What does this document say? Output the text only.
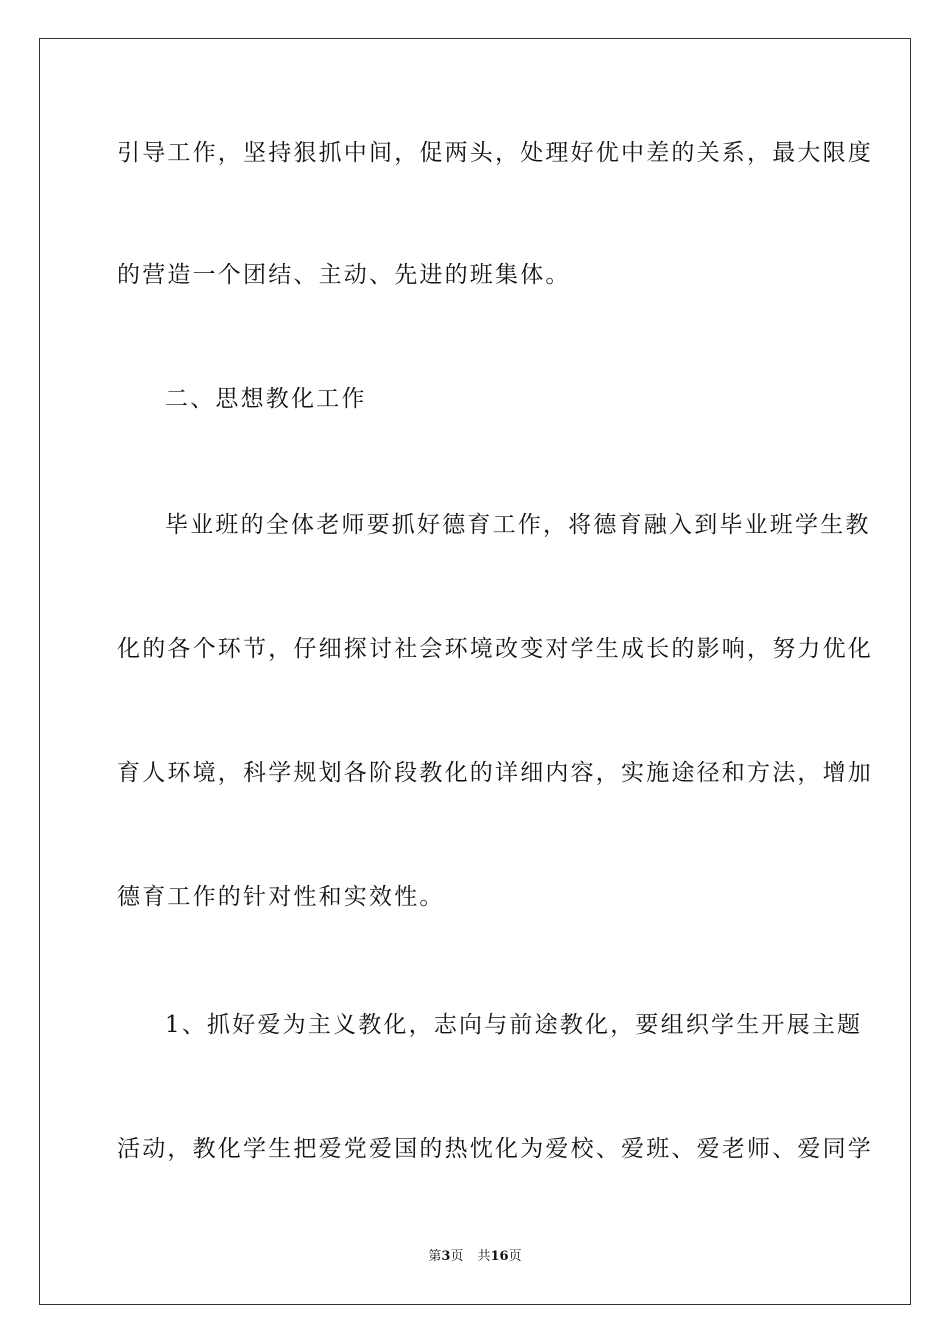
引导工作，坚持狠抓中间，促两头，处理好优中差的关系，最大限度
的营造一个团结、主动、先进的班集体。
二、思想教化工作
毕业班的全体老师要抓好德育工作，将德育融入到毕业班学生教
化的各个环节，仔细探讨社会环境改变对学生成长的影响，努力优化
育人环境，科学规划各阶段教化的详细内容，实施途径和方法，增加
德育工作的针对性和实效性。
1、抓好爱为主义教化，志向与前途教化，要组织学生开展主题
活动，教化学生把爱党爱国的热忱化为爱校、爱班、爱老师、爱同学
第3页 共16页
